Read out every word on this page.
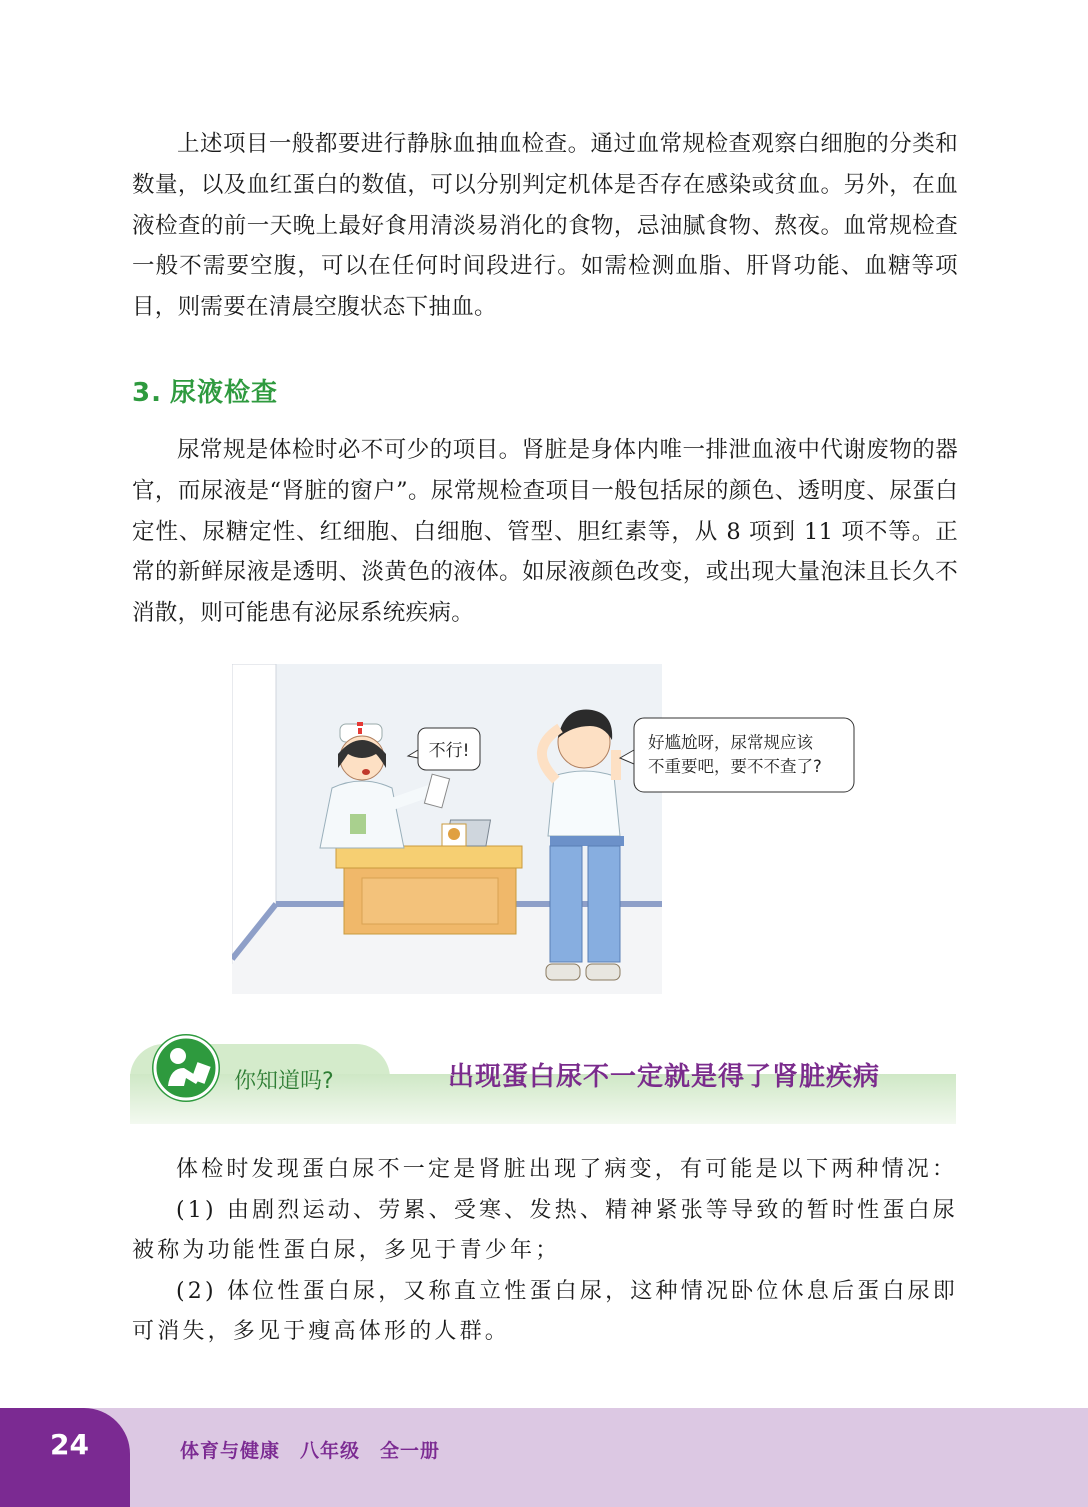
上述项目一般都要进行静脉血抽血检查。通过血常规检查观察白细胞的分类和数量，以及血红蛋白的数值，可以分别判定机体是否存在感染或贫血。另外，在血液检查的前一天晚上最好食用清淡易消化的食物，忌油腻食物、熬夜。血常规检查一般不需要空腹，可以在任何时间段进行。如需检测血脂、肝肾功能、血糖等项目，则需要在清晨空腹状态下抽血。

3. 尿液检查

尿常规是体检时必不可少的项目。肾脏是身体内唯一排泄血液中代谢废物的器官，而尿液是“肾脏的窗户”。尿常规检查项目一般包括尿的颜色、透明度、尿蛋白定性、尿糖定性、红细胞、白细胞、管型、胆红素等，从 8 项到 11 项不等。正常的新鲜尿液是透明、淡黄色的液体。如尿液颜色改变，或出现大量泡沫且长久不消散，则可能患有泌尿系统疾病。

不行!	好尴尬呀，尿常规应该
不重要吧，要不不查了?
你知道吗?	出现蛋白尿不一定就是得了肾脏疾病

体检时发现蛋白尿不一定是肾脏出现了病变，有可能是以下两种情况：

(1) 由剧烈运动、劳累、受寒、发热、精神紧张等导致的暂时性蛋白尿被称为功能性蛋白尿，多见于青少年；

(2) 体位性蛋白尿，又称直立性蛋白尿，这种情况卧位休息后蛋白尿即可消失，多见于瘦高体形的人群。

24	体育与健康　八年级　全一册
